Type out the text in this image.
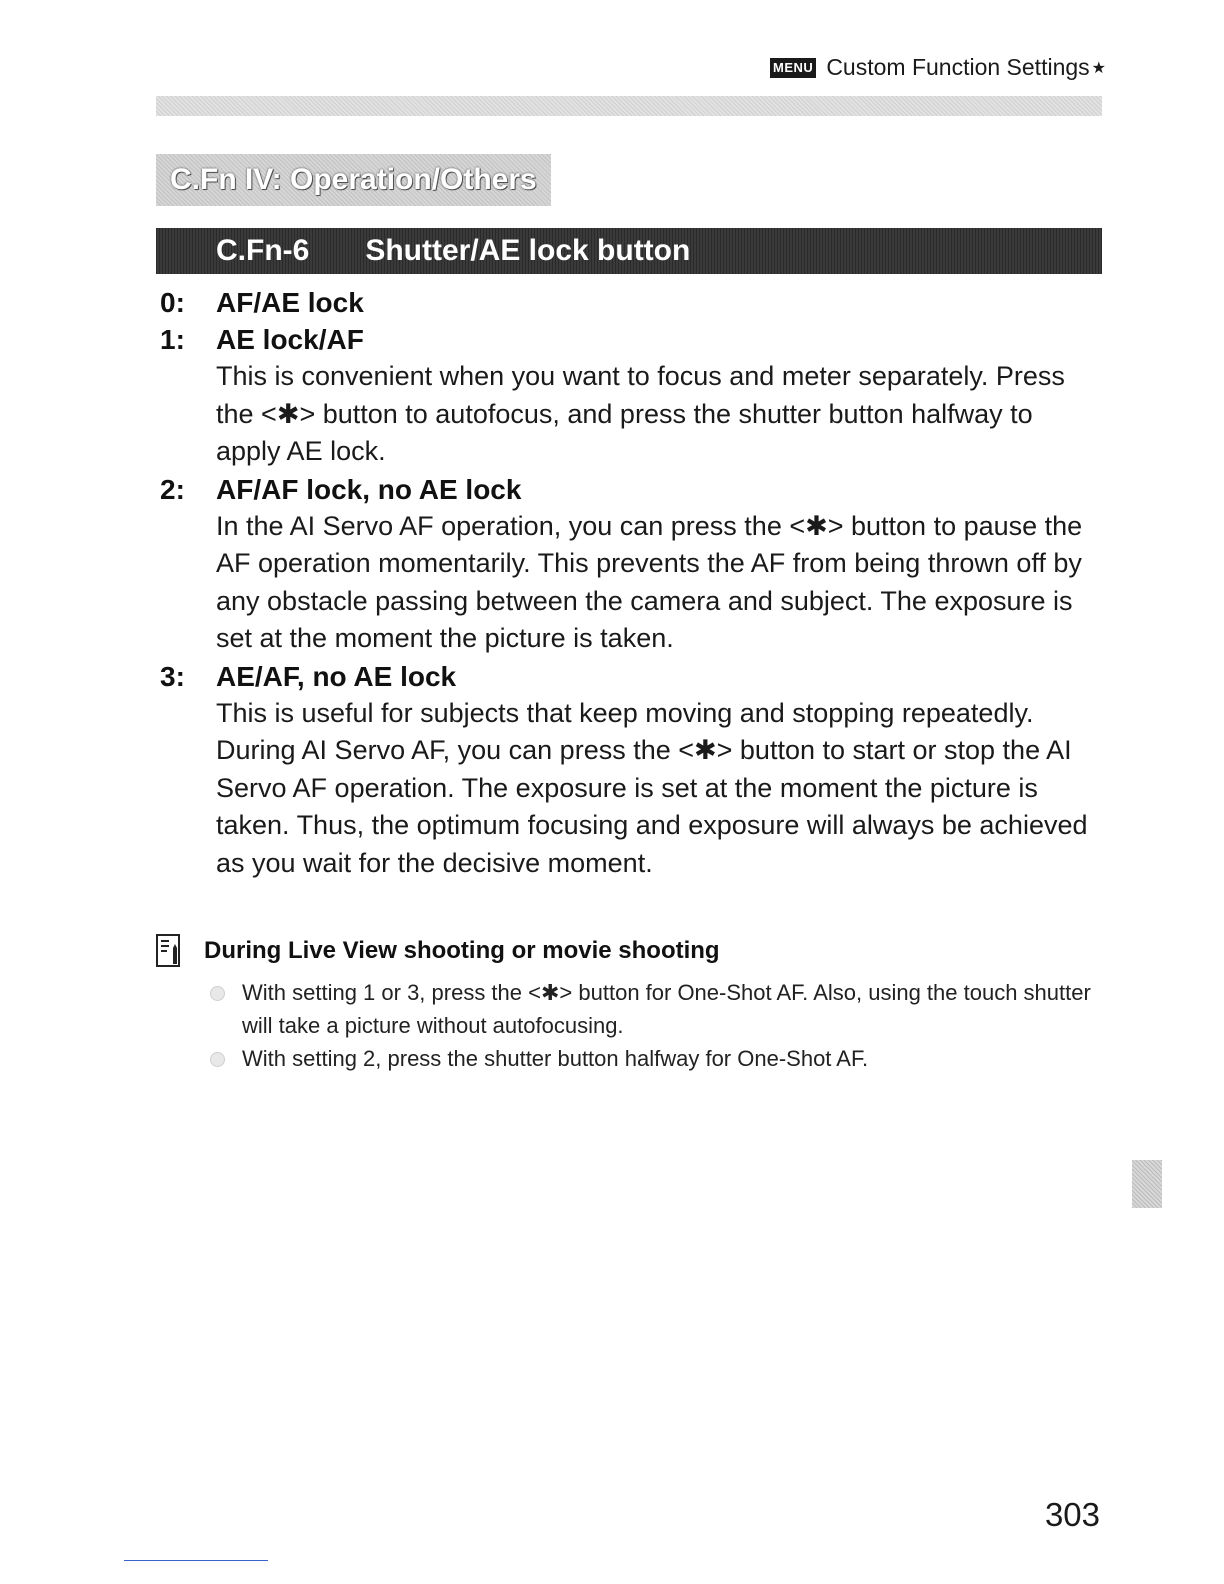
MENU Custom Function Settings ★
C.Fn IV: Operation/Others
C.Fn-6 Shutter/AE lock button
0:	AF/AE lock
1:	AE lock/AF
This is convenient when you want to focus and meter separately. Press the <✱> button to autofocus, and press the shutter button halfway to apply AE lock.
2:	AF/AF lock, no AE lock
In the AI Servo AF operation, you can press the <✱> button to pause the AF operation momentarily. This prevents the AF from being thrown off by any obstacle passing between the camera and subject. The exposure is set at the moment the picture is taken.
3:	AE/AF, no AE lock
This is useful for subjects that keep moving and stopping repeatedly. During AI Servo AF, you can press the <✱> button to start or stop the AI Servo AF operation. The exposure is set at the moment the picture is taken. Thus, the optimum focusing and exposure will always be achieved as you wait for the decisive moment.
During Live View shooting or movie shooting
With setting 1 or 3, press the <✱> button for One-Shot AF. Also, using the touch shutter will take a picture without autofocusing.
With setting 2, press the shutter button halfway for One-Shot AF.
303
